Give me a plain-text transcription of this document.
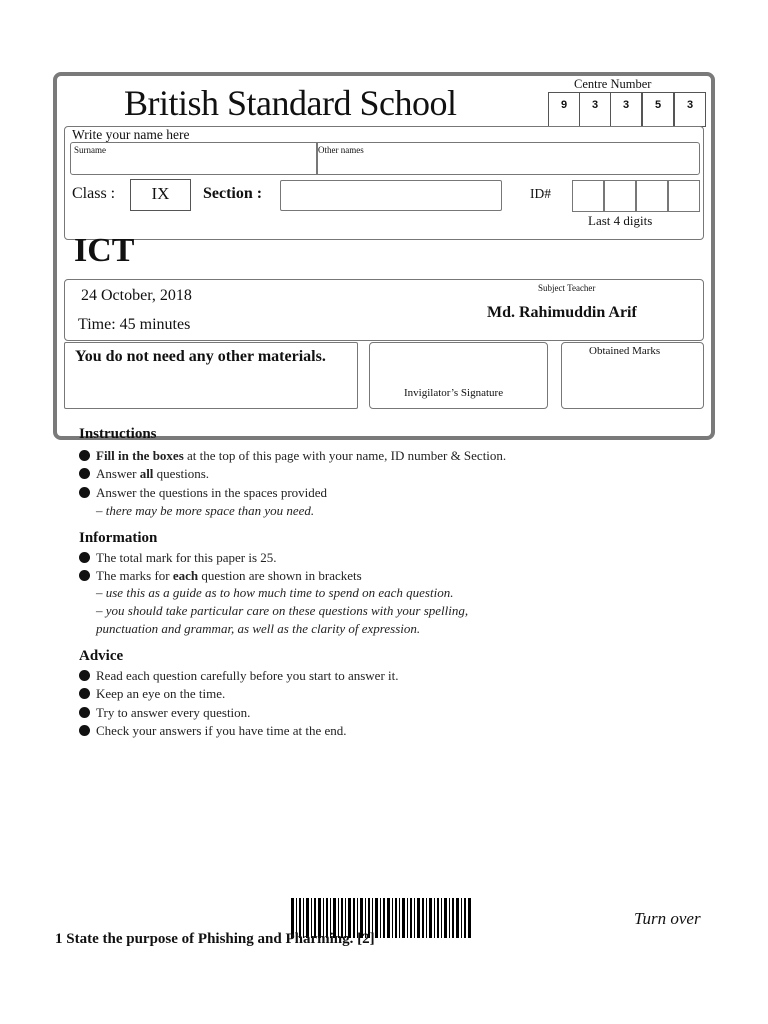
British Standard School	Centre Number
9	3	3	5	3
Write your name here
Surname	Other names
Class :	IX	Section :	ID#
Last 4 digits
ICT
24 October, 2018
Time: 45 minutes
Subject Teacher
Md. Rahimuddin Arif
You do not need any other materials.
Invigilator’s Signature
Obtained Marks
Instructions
Fill in the boxes at the top of this page with your name, ID number & Section.
Answer all questions.
Answer the questions in the spaces provided
– there may be more space than you need.
Information
The total mark for this paper is 25.
The marks for each question are shown in brackets
– use this as a guide as to how much time to spend on each question.
– you should take particular care on these questions with your spelling,
punctuation and grammar, as well as the clarity of expression.
Advice
Read each question carefully before you start to answer it.
Keep an eye on the time.
Try to answer every question.
Check your answers if you have time at the end.
Turn over
1 State the purpose of Phishing and Pharming. [2]
